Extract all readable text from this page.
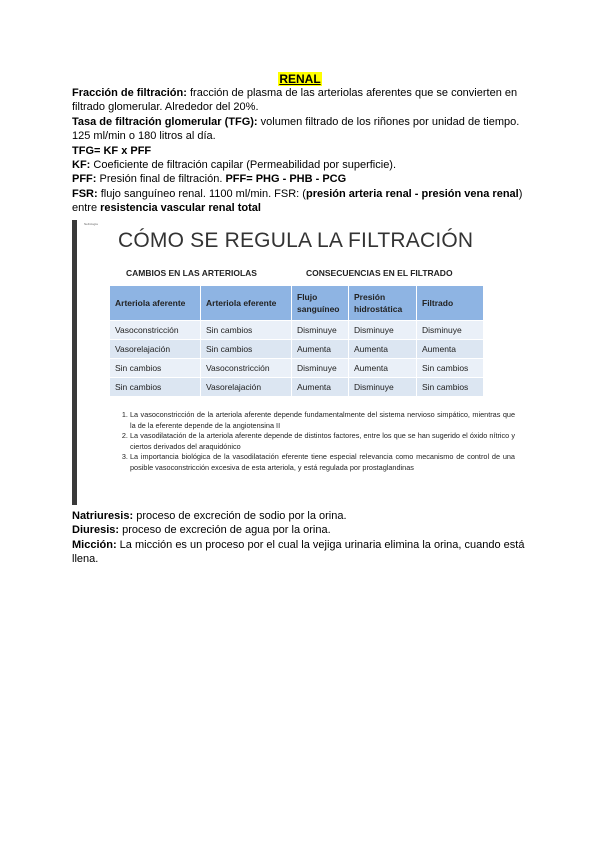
RENAL
Fracción de filtración: fracción de plasma de las arteriolas aferentes que se convierten en filtrado glomerular. Alrededor del 20%.
Tasa de filtración glomerular (TFG): volumen filtrado de los riñones por unidad de tiempo. 125 ml/min o 180 litros al día.
TFG= KF x PFF
KF: Coeficiente de filtración capilar (Permeabilidad por superficie).
PFF: Presión final de filtración. PFF= PHG - PHB - PCG
FSR: flujo sanguíneo renal. 1100 ml/min. FSR: (presión arteria renal - presión vena renal) entre resistencia vascular renal total
Nefrología
CÓMO SE REGULA LA FILTRACIÓN
CAMBIOS EN LAS ARTERIOLAS	CONSECUENCIAS EN EL FILTRADO
Arteriola aferente	Arteriola eferente	Flujo sanguíneo	Presión hidrostática	Filtrado
Vasoconstricción	Sin cambios	Disminuye	Disminuye	Disminuye
Vasorelajación	Sin cambios	Aumenta	Aumenta	Aumenta
Sin cambios	Vasoconstricción	Disminuye	Aumenta	Sin cambios
Sin cambios	Vasorelajación	Aumenta	Disminuye	Sin cambios
1. La vasoconstricción de la arteriola aferente depende fundamentalmente del sistema nervioso simpático, mientras que la de la eferente depende de la angiotensina II
2. La vasodilatación de la arteriola aferente depende de distintos factores, entre los que se han sugerido el óxido nítrico y ciertos derivados del araquidónico
3. La importancia biológica de la vasodilatación eferente tiene especial relevancia como mecanismo de control de una posible vasoconstricción excesiva de esta arteriola, y está regulada por prostaglandinas
Natriuresis: proceso de excreción de sodio por la orina.
Diuresis: proceso de excreción de agua por la orina.
Micción: La micción es un proceso por el cual la vejiga urinaria elimina la orina, cuando está llena.
